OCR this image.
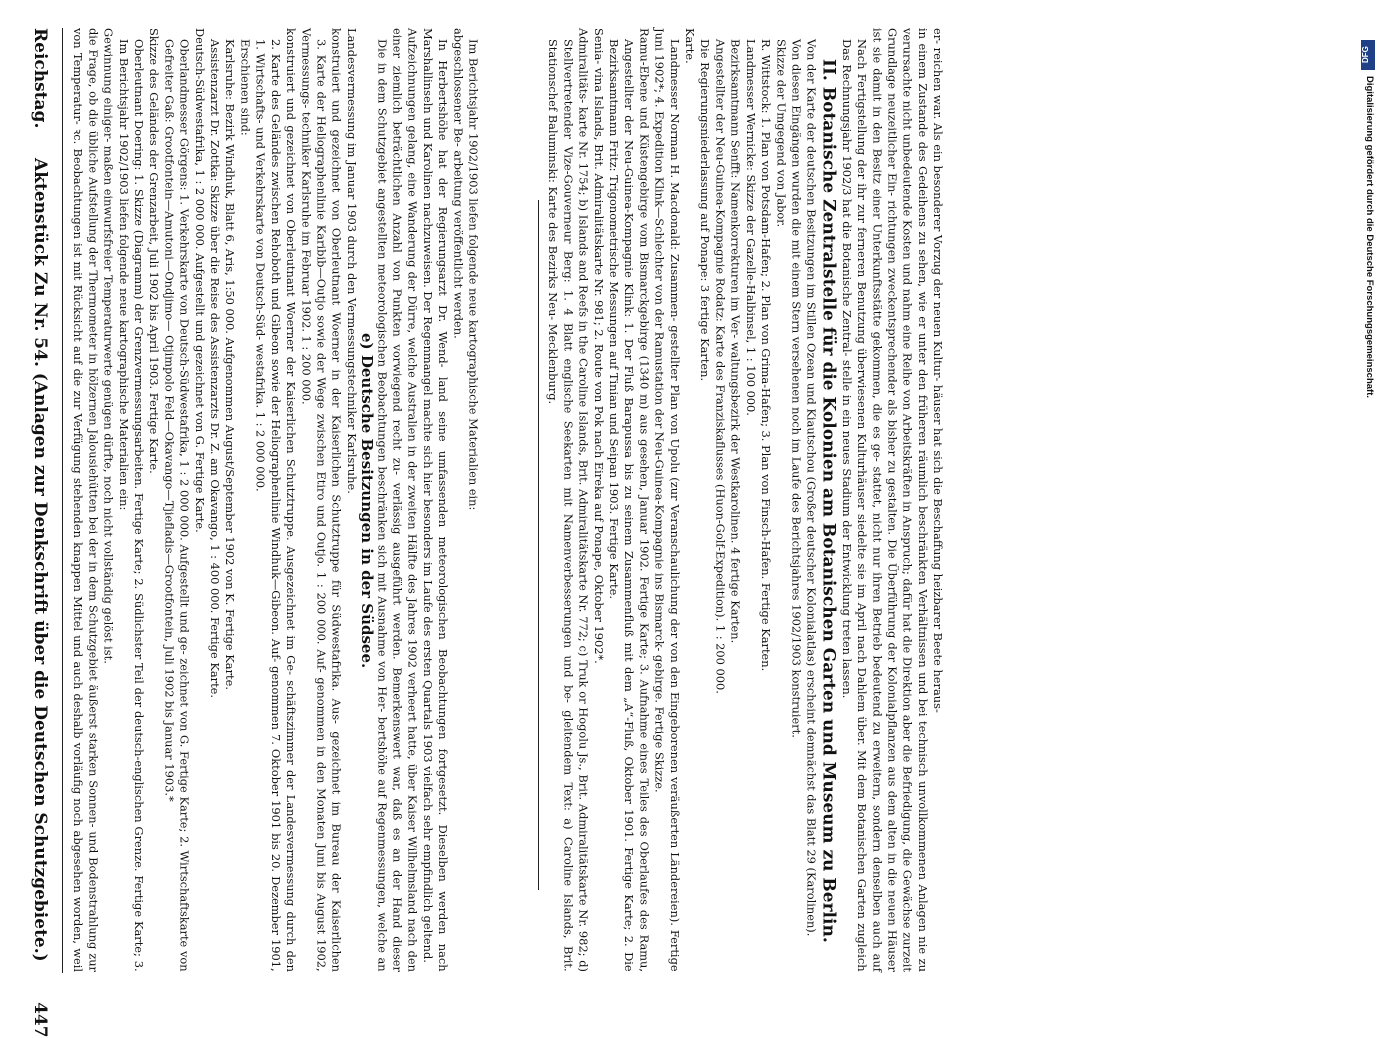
von Temperatur- ꝛc. Beobachtungen ist mit Rücksicht auf die zur Verfügung stehenden knappen Mittel und auch deshalb vorläufig noch abgesehen worden, weil die Frage, ob die übliche Aufstellung der Thermometer in hölzernen Jalousiehütten bei der in dem Schutzgebiet äußerst starken Sonnen- und Bodenstrahlung zur Gewinnung einiger- maßen einwurfsfreier Temperaturwerte genügen dürfte, noch nicht vollständig gelöst ist. Im Berichtsjahr 1902/1903 liefen folgende neue kartographische Materialien ein: Oberleutnant Doering: 1. Skizze (Diagramm) der Grenzvermessungsarbeiten. Fertige Karte; 2. Südlichster Teil der deutsch-englischen Grenze. Fertige Karte; 3. Skizze des Geländes der Grenzarbeit, Juli 1902 bis April 1903. Fertige Karte. Gefreiter Gaß: Grootfontein—Amutoni—Ondjimo— Otjimpolo Feld—Okavango—Tjiefladis—Grootfontein, Juli 1902 bis Januar 1903.* Oberlandmesser Görgens: 1. Verkehrskarte von Deutsch-Südwestafrika, 1 : 2 000 000. Aufgestellt und ge- zeichnet von G. Fertige Karte; 2. Wirtschaftskarte von Deutsch-Südwestafrika, 1 : 2 000 000. Aufgestellt und gezeichnet von G. Fertige Karte. Assistenzarzt Dr. Zottka: Skizze über die Reise des Assistenzarzts Dr. Z. am Okavango, 1 : 400 000. Fertige Karte. Karlsruhe: Bezirk Windhuk, Blatt 6, Aris, 1:50 000. Aufgenommen August/September 1902 von K. Fertige Karte. Erschienen sind: 1. Wirtschafts- und Verkehrskarte von Deutsch-Süd- westafrika. 1 : 2 000 000. 2. Karte des Geländes zwischen Rehoboth und Gibeon sowie der Heliographenlinie Windhuk—Gibeon. Auf- genommen 7. Oktober 1901 bis 20. Dezember 1901, konstruiert und gezeichnet von Oberleutnant Woerner der Kaiserlichen Schutztruppe. Ausgezeichnet im Ge- schäftszimmer der Landesvermessung durch den Vermessungs- techniker Karlsruhe im Februar 1902. 1 : 200 000. 3. Karte der Heliographenlinie Karibib—Outjo sowie der Wege zwischen Etiro und Outjo. 1 : 200 000. Auf- genommen in den Monaten Juni bis August 1902, konstruiert und gezeichnet von Oberleutnant Woerner in der Kaiserlichen Schutztruppe für Südwestafrika. Aus- gezeichnet im Bureau der Kaiserlichen Landesvermessung im Januar 1903 durch den Vermessungstechniker Karlsruhe.

e) Deutsche Besitzungen in der Südsee. Die in dem Schutzgebiet angestellten meteorologischen Beobachtungen beschränken sich mit Ausnahme von Her- bertshöhe auf Regenmessungen, welche an einer ziemlich beträchtlichen Anzahl von Punkten vorwiegend recht zu- verlässig ausgeführt werden. Bemerkenswert war, daß es an der Hand dieser Aufzeichnungen gelang, eine Wanderung der Dürre, welche Australien in der zweiten Hälfte des Jahres 1902 verheert hatte, über Kaiser Wilhelmsland nach den Marshallinseln und Karolinen nachzuweisen. Der Regenmangel machte sich hier besonders im Laufe des ersten Quartals 1903 vielfach sehr empfindlich geltend. In Herbertshöhe hat der Regierungsarzt Dr. Wend- land seine umfassenden meteorologischen Beobachtungen fortgesetzt. Dieselben werden nach abgeschlossener Be- arbeitung veröffentlicht werden. Im Berichtsjahr 1902/1903 liefen folgende neue kartographische Materialien ein:	Stationschef Baluminski: Karte des Bezirks Neu- Mecklenburg. Stellvertretender Vize-Gouverneur Berg: 1. 4 Blatt englische Seekarten mit Namenverbesserungen und be- gleitendem Text: a) Caroline Islands, Brit. Admiralitäts- karte Nr. 1754; b) Islands and Reefs in the Caroline Islands, Brit. Admiralitätskarte Nr. 772; c) Truk or Hogolu Js., Brit. Admiralitätskarte Nr. 982; d) Senia- vina Islands, Brit. Admiralitätskarte Nr. 981; 2. Route von Pok nach Eireka auf Ponape, Oktober 1902*. Bezirksamtmann Fritz: Trigonometrische Messungen auf Tinian und Seipan 1903. Fertige Karte. Angestellter der Neu-Guinea-Kompagnie Klink: 1. Der Fluß Barapussa bis zu seinem Zusammenfluß mit dem „A“-Fluß, Oktober 1901. Fertige Karte; 2. Die Ramu-Ebene und Küstengebirge vom Bismarckgebirge (1340 m) aus gesehen, Januar 1902. Fertige Karte; 3. Aufnahme eines Teiles des Oberlaufes des Ramu, Juni 1902*; 4. Expedition Klink—Schlechter von der Ramustation der Neu-Guinea-Kompagnie ins Bismarck- gebirge. Fertige Skizze. Landmesser Norman H. Macdonald: Zusammen- gestellter Plan von Upolu (zur Veranschaulichung der von den Eingeborenen veräußerten Ländereien). Fertige Karte. Die Regierungsniederlassung auf Ponape: 3 fertige Karten. Angestellter der Neu-Guinea-Kompagnie Rodatz: Karte des Franziskaflusses (Huon-Golf-Expedition). 1 : 200 000. Bezirksamtmann Senfft: Namenkorrekturen im Ver- waltungsbezirk der Westkarolinen. 4 fertige Karten. Landmesser Wernicke: Skizze der Gazelle-Halbinsel, 1 : 100 000. R. Wittstock: 1. Plan von Potsdam-Hafen; 2. Plan von Grima-Hafen; 3. Plan von Finsch-Hafen. Fertige Karten. Skizze der Umgegend von Jabor. Von diesen Eingängen wurden die mit einem Stern versehenen noch im Laufe des Berichtsjahres 1902/1903 konstruiert. Von der Karte der deutschen Besitzungen im Stillen Ozean und Kiautschou (Großer deutscher Kolonialatlas) erscheint demnächst das Blatt 29 (Karolinen). II. Botanische Zentralstelle für die Kolonien am Botanischen Garten und Museum zu Berlin. Das Rechnungsjahr 1902/3 hat die Botanische Zentral- stelle in ein neues Stadium der Entwicklung treten lassen. Nach Fertigstellung der ihr zur ferneren Benutzung überwiesenen Kulturhäuser siedelte sie im April nach Dahlem über. Mit dem Botanischen Garten zugleich ist sie damit in den Besitz einer Unterkunftsstätte gekommen, die es ge- stattet, nicht nur ihren Betrieb bedeutend zu erweitern, sondern denselben auch auf Grundlage neuzeitlicher Ein- richtungen zweckentsprechender als bisher zu gestalten. Die Überführung der Kolonialpflanzen aus dem alten in die neuen Häuser verursachte nicht unbedeutende Kosten und nahm eine Reihe von Arbeitskräften in Anspruch; dafür hat die Direktion aber die Befriedigung, die Gewächse zurzeit in einem Zustande des Gedeihens zu sehen, wie er unter den früheren räumlich beschränkten Verhältnissen und bei technisch unvollkommenen Anlagen nie zu er- reichen war. Als ein besonderer Vorzug der neuen Kultur- häuser hat sich die Beschaffung heizbarer Beete heraus-	DFG
Digitalisierung gefördert durch die Deutsche Forschungsgemeinschaft.
Reichstag.Aktenstück Zu Nr. 54. (Anlagen zur Denkschrift über die Deutschen Schutzgebiete.)447
